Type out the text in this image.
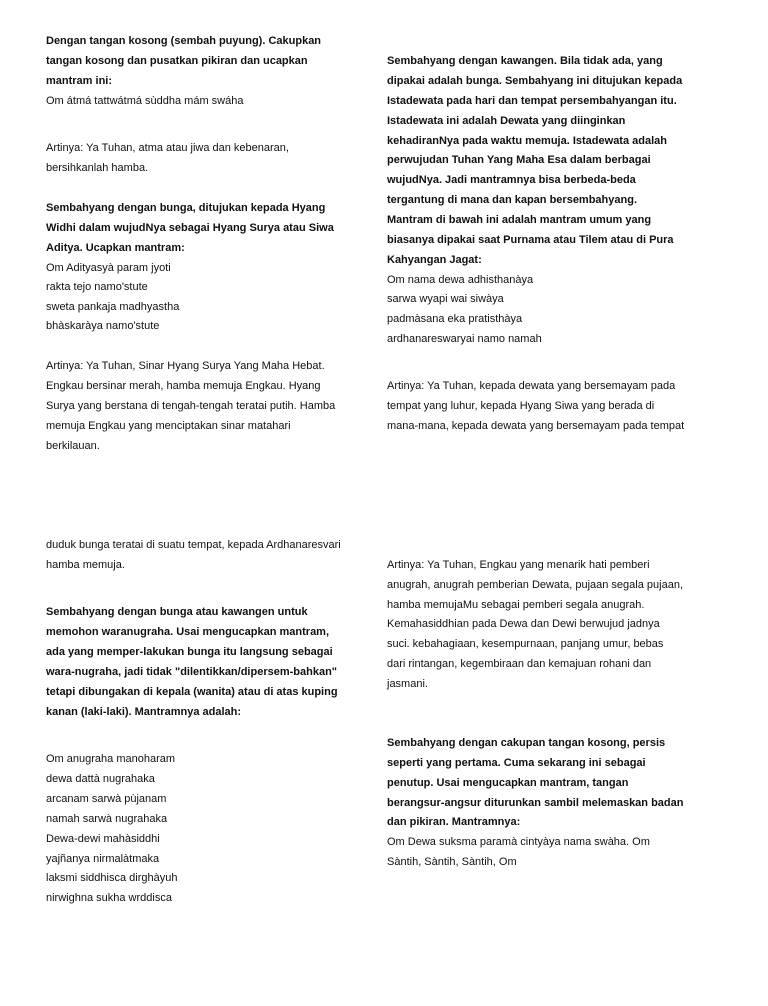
Dengan tangan kosong (sembah puyung). Cakupkan
tangan kosong dan pusatkan pikiran dan ucapkan
mantram ini:
Om átmá tattwátmá sùddha mám swáha
Artinya: Ya Tuhan, atma atau jiwa dan kebenaran,
bersihkanlah hamba.
Sembahyang dengan bunga, ditujukan kepada Hyang
Widhi dalam wujudNya sebagai Hyang Surya atau Siwa
Aditya. Ucapkan mantram:
Om Adityasyà param jyoti
rakta tejo namo'stute
sweta pankaja madhyastha
bhàskaràya namo'stute
Artinya: Ya Tuhan, Sinar Hyang Surya Yang Maha Hebat.
Engkau bersinar merah, hamba memuja Engkau. Hyang
Surya yang berstana di tengah-tengah teratai putih. Hamba
memuja Engkau yang menciptakan sinar matahari
berkilauan.
Sembahyang dengan kawangen. Bila tidak ada, yang
dipakai adalah bunga. Sembahyang ini ditujukan kepada
Istadewata pada hari dan tempat persembahyangan itu.
Istadewata ini adalah Dewata yang diinginkan
kehadiranNya pada waktu memuja. Istadewata adalah
perwujudan Tuhan Yang Maha Esa dalam berbagai
wujudNya. Jadi mantramnya bisa berbeda-beda
tergantung di mana dan kapan bersembahyang.
Mantram di bawah ini adalah mantram umum yang
biasanya dipakai saat Purnama atau Tilem atau di Pura
Kahyangan Jagat:
Om nama dewa adhisthanàya
sarwa wyapi wai siwàya
padmàsana eka pratisthàya
ardhanareswaryai namo namah
Artinya: Ya Tuhan, kepada dewata yang bersemayam pada
tempat yang luhur, kepada Hyang Siwa yang berada di
mana-mana, kepada dewata yang bersemayam pada tempat
duduk bunga teratai di suatu tempat, kepada Ardhanaresvari
hamba memuja.
Sembahyang dengan bunga atau kawangen untuk
memohon waranugraha. Usai mengucapkan mantram,
ada yang memper-lakukan bunga itu langsung sebagai
wara-nugraha, jadi tidak "dilentikkan/dipersem-bahkan"
tetapi dibungakan di kepala (wanita) atau di atas kuping
kanan (laki-laki). Mantramnya adalah:
Om anugraha manoharam
dewa dattà nugrahaka
arcanam sarwà pùjanam
namah sarwà nugrahaka
Dewa-dewi mahàsiddhi
yajñanya nirmalàtmaka
laksmi siddhisca dirghàyuh
nirwighna sukha wrddisca
Artinya: Ya Tuhan, Engkau yang menarik hati pemberi
anugrah, anugrah pemberian Dewata, pujaan segala pujaan,
hamba memujaMu sebagai pemberi segala anugrah.
Kemahasiddhian pada Dewa dan Dewi berwujud jadnya
suci. kebahagiaan, kesempurnaan, panjang umur, bebas
dari rintangan, kegembiraan dan kemajuan rohani dan
jasmani.
Sembahyang dengan cakupan tangan kosong, persis
seperti yang pertama. Cuma sekarang ini sebagai
penutup. Usai mengucapkan mantram, tangan
berangsur-angsur diturunkan sambil melemaskan badan
dan pikiran. Mantramnya:
Om Dewa suksma paramà cintyàya nama swàha. Om
Sàntih, Sàntih, Sàntih, Om
